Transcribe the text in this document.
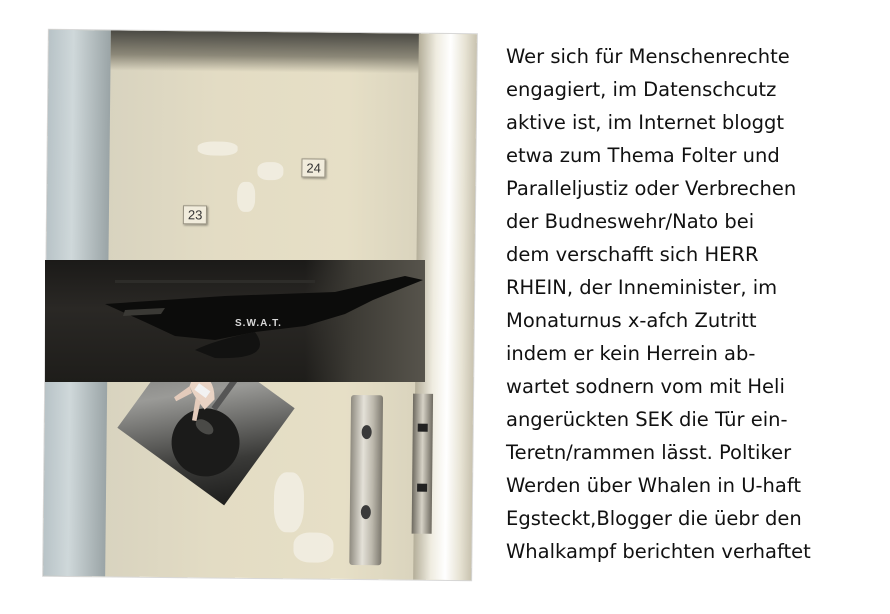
24
23
S.W.A.T.
Wer sich für Menschenrechte
engagiert, im Datenschcutz
aktive ist, im Internet bloggt
etwa zum Thema Folter und
Paralleljustiz oder Verbrechen
der Budneswehr/Nato bei
dem verschafft sich HERR
RHEIN, der Inneminister, im
Monaturnus x-afch Zutritt
indem er kein Herrein ab-
wartet sodnern vom mit Heli
angerückten SEK die Tür ein-
Teretn/rammen lässt. Poltiker
Werden über Whalen in U-haft
Egsteckt,Blogger die üebr den
Whalkampf berichten verhaftet
